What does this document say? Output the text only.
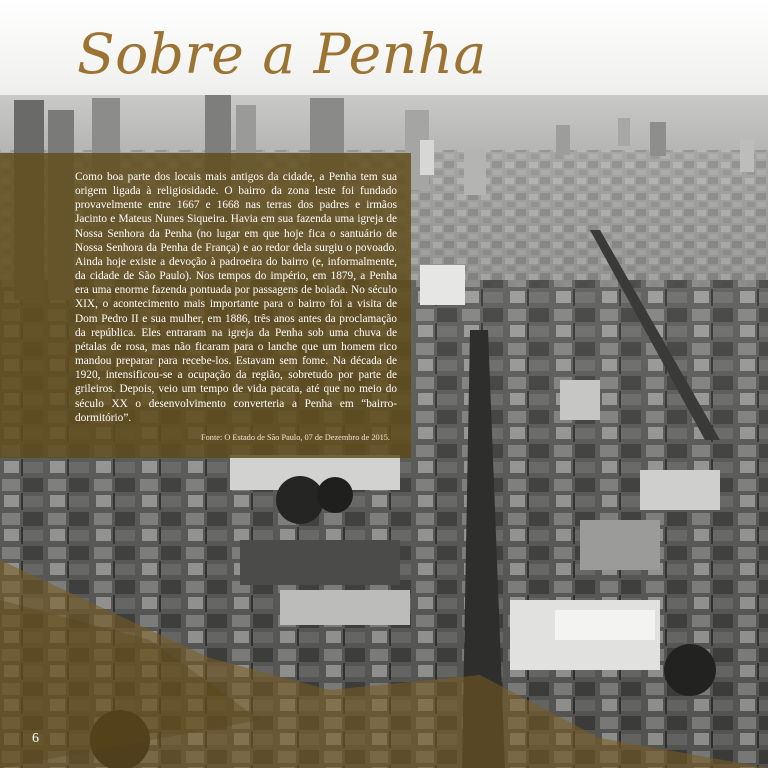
Sobre a Penha

Como boa parte dos locais mais antigos da cidade, a Penha tem sua origem ligada à religiosidade. O bairro da zona leste foi fundado provavelmente entre 1667 e 1668 nas terras dos padres e irmãos Jacinto e Mateus Nunes Siqueira. Havia em sua fazenda uma igreja de Nossa Senhora da Penha (no lugar em que hoje fica o santuário de Nossa Senhora da Penha de França) e ao redor dela surgiu o povoado. Ainda hoje existe a devoção à padroeira do bairro (e, informalmente, da cidade de São Paulo). Nos tempos do império, em 1879, a Penha era uma enorme fazenda pontuada por passagens de boiada. No século XIX, o acontecimento mais importante para o bairro foi a visita de Dom Pedro II e sua mulher, em 1886, três anos antes da proclamação da república. Eles entraram na igreja da Penha sob uma chuva de pétalas de rosa, mas não ficaram para o lanche que um homem rico mandou preparar para recebe-los. Estavam sem fome. Na década de 1920, intensificou-se a ocupação da região, sobretudo por parte de grileiros. Depois, veio um tempo de vida pacata, até que no meio do século XX o desenvolvimento converteria a Penha em “bairro-dormitório”.

Fonte: O Estado de São Paulo, 07 de Dezembro de 2015.

6
